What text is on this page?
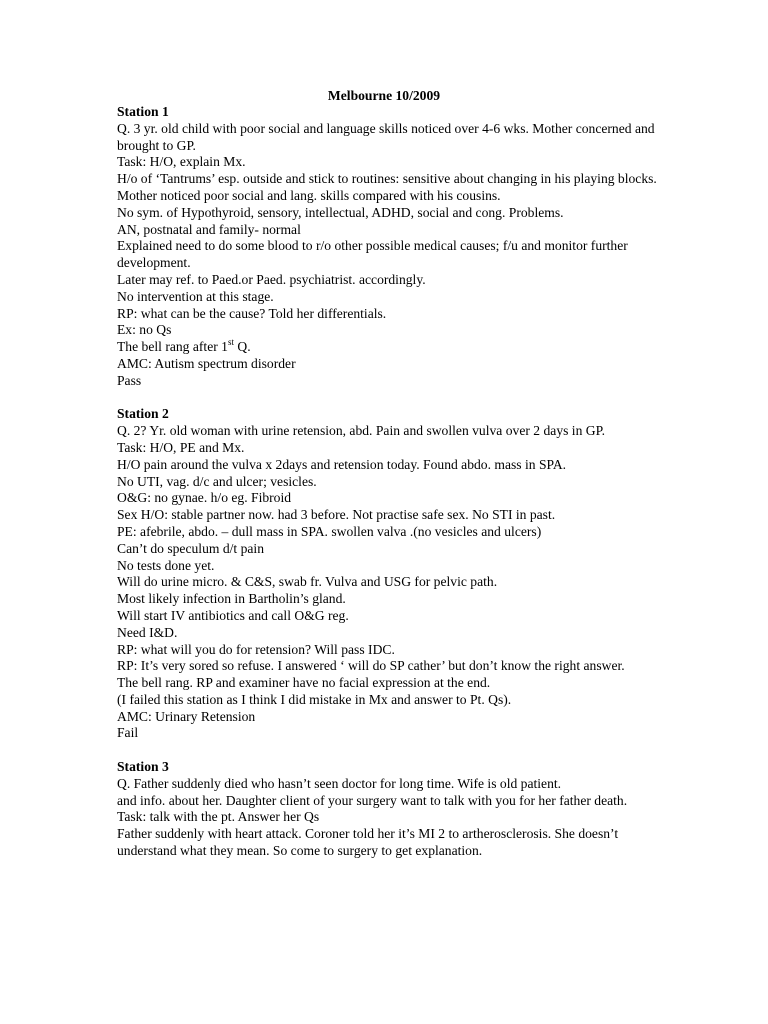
Melbourne 10/2009
Station 1
Q. 3 yr. old child with poor social and language skills noticed over 4-6 wks. Mother concerned and brought to GP.
Task: H/O, explain Mx.
H/o of ‘Tantrums’ esp. outside and stick to routines: sensitive about changing in his playing blocks. Mother noticed poor social and lang. skills compared with his cousins.
No sym. of Hypothyroid, sensory, intellectual, ADHD, social and cong. Problems.
AN, postnatal and family- normal
Explained need to do some blood to r/o other possible medical causes; f/u and monitor further development.
Later may ref. to Paed.or Paed. psychiatrist. accordingly.
No intervention at this stage.
RP: what can be the cause? Told her differentials.
Ex: no Qs
The bell rang after 1st Q.
AMC: Autism spectrum disorder
Pass
Station 2
Q. 2? Yr. old woman with urine retension, abd. Pain and swollen vulva over 2 days in GP.
Task: H/O, PE and Mx.
H/O pain around the vulva x 2days and retension today. Found abdo. mass in SPA.
No UTI, vag. d/c and ulcer; vesicles.
O&G: no gynae. h/o eg. Fibroid
Sex H/O: stable partner now. had 3 before. Not practise safe sex. No STI in past.
PE: afebrile, abdo. – dull mass in SPA. swollen valva .(no vesicles and ulcers)
Can’t do speculum d/t pain
No tests done yet.
Will do urine micro. & C&S, swab fr. Vulva and USG for pelvic path.
Most likely infection in Bartholin’s gland.
Will start IV antibiotics and call O&G reg.
Need I&D.
RP: what will you do for retension? Will pass IDC.
RP: It’s very sored so refuse. I answered ‘ will do SP cather’ but don’t know the right answer.
The bell rang. RP and examiner have no facial expression at the end.
(I failed this station as I think I did mistake in Mx and answer to Pt. Qs).
AMC: Urinary Retension
Fail
Station 3
Q. Father suddenly died who hasn’t seen doctor for long time. Wife is old patient.
and info. about her. Daughter client of your surgery want to talk with you for her father death.
Task: talk with the pt. Answer her Qs
Father suddenly with heart attack. Coroner told her it’s MI 2 to artherosclerosis. She doesn’t understand what they mean. So come to surgery to get explanation.
